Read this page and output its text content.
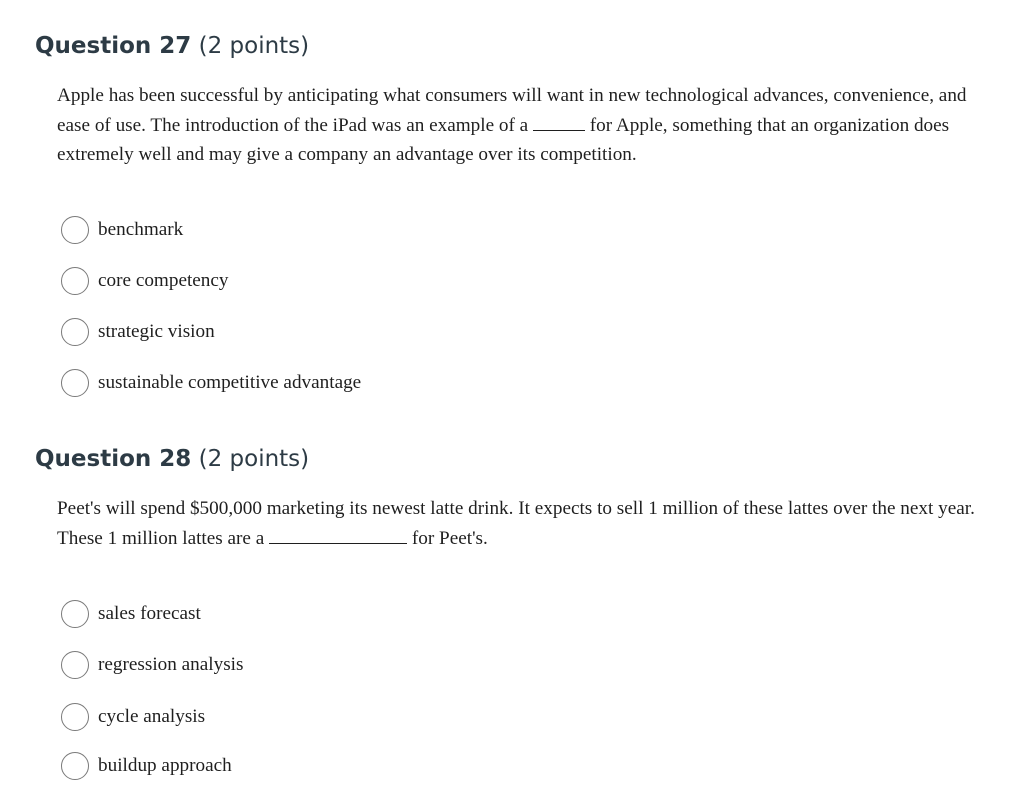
Question 27 (2 points)
Apple has been successful by anticipating what consumers will want in new technological advances, convenience, and ease of use. The introduction of the iPad was an example of a	for Apple, something that an organization does extremely well and may give a company an advantage over its competition.
benchmark
core competency
strategic vision
sustainable competitive advantage
Question 28 (2 points)
Peet's will spend $500,000 marketing its newest latte drink. It expects to sell 1 million of these lattes over the next year. These 1 million lattes are a	for Peet's.
sales forecast
regression analysis
cycle analysis
buildup approach
